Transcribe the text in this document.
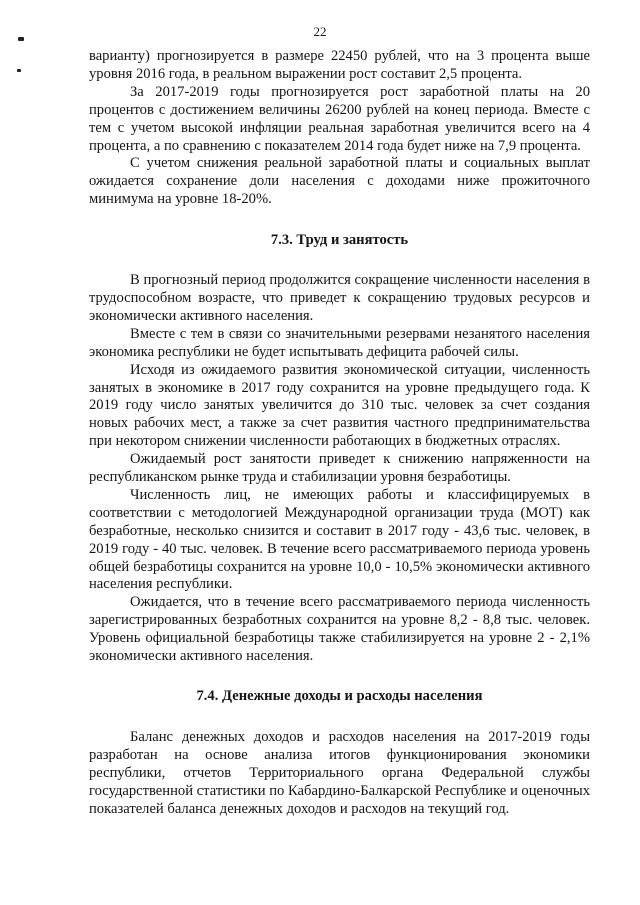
22

варианту) прогнозируется в размере 22450 рублей, что на 3 процента выше уровня 2016 года, в реальном выражении рост составит 2,5 процента.

За 2017-2019 годы прогнозируется рост заработной платы на 20 процентов с достижением величины 26200 рублей на конец периода. Вместе с тем с учетом высокой инфляции реальная заработная увеличится всего на 4 процента, а по сравнению с показателем 2014 года будет ниже на 7,9 процента.

С учетом снижения реальной заработной платы и социальных выплат ожидается сохранение доли населения с доходами ниже прожиточного минимума на уровне 18-20%.

7.3. Труд и занятость

В прогнозный период продолжится сокращение численности населения в трудоспособном возрасте, что приведет к сокращению трудовых ресурсов и экономически активного населения.

Вместе с тем в связи со значительными резервами незанятого населения экономика республики не будет испытывать дефицита рабочей силы.

Исходя из ожидаемого развития экономической ситуации, численность занятых в экономике в 2017 году сохранится на уровне предыдущего года. К 2019 году число занятых увеличится до 310 тыс. человек за счет создания новых рабочих мест, а также за счет развития частного предпринимательства при некотором снижении численности работающих в бюджетных отраслях.

Ожидаемый рост занятости приведет к снижению напряженности на республиканском рынке труда и стабилизации уровня безработицы.

Численность лиц, не имеющих работы и классифицируемых в соответствии с методологией Международной организации труда (МОТ) как безработные, несколько снизится и составит в 2017 году - 43,6 тыс. человек, в 2019 году - 40 тыс. человек. В течение всего рассматриваемого периода уровень общей безработицы сохранится на уровне 10,0 - 10,5% экономически активного населения республики.

Ожидается, что в течение всего рассматриваемого периода численность зарегистрированных безработных сохранится на уровне 8,2 - 8,8 тыс. человек. Уровень официальной безработицы также стабилизируется на уровне 2 - 2,1% экономически активного населения.

7.4. Денежные доходы и расходы населения

Баланс денежных доходов и расходов населения на 2017-2019 годы разработан на основе анализа итогов функционирования экономики республики, отчетов Территориального органа Федеральной службы государственной статистики по Кабардино-Балкарской Республике и оценочных показателей баланса денежных доходов и расходов на текущий год.
